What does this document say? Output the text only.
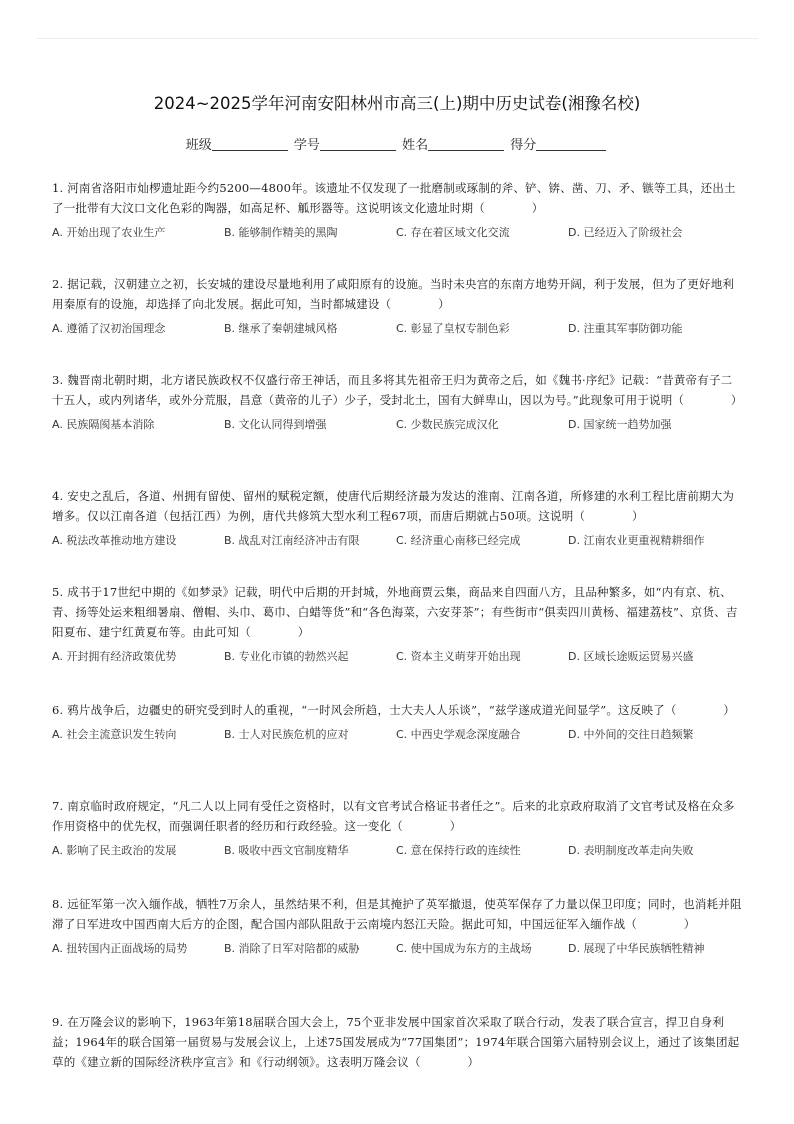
2024~2025学年河南安阳林州市高三(上)期中历史试卷(湘豫名校)
班级	学号	姓名	得分
1. 河南省洛阳市灿椤遗址距今约5200—4800年。该遗址不仅发现了一批磨制或琢制的斧、铲、锛、凿、刀、矛、镞等工具，还出土了一批带有大汶口文化色彩的陶器，如高足杯、觚形器等。这说明该文化遗址时期（　　　　）
A. 开始出现了农业生产	B. 能够制作精美的黑陶	C. 存在着区域文化交流	D. 已经迈入了阶级社会
2. 据记载，汉朝建立之初，长安城的建设尽量地利用了咸阳原有的设施。当时未央宫的东南方地势开阔，利于发展，但为了更好地利用秦原有的设施，却选择了向北发展。据此可知，当时都城建设（　　　　）
A. 遵循了汉初治国理念	B. 继承了秦朝建城风格	C. 彰显了皇权专制色彩	D. 注重其军事防御功能
3. 魏晋南北朝时期，北方诸民族政权不仅盛行帝王神话，而且多将其先祖帝王归为黄帝之后，如《魏书·序纪》记载：“昔黄帝有子二十五人，或内列诸华，或外分荒服，昌意（黄帝的儿子）少子，受封北土，国有大鲜卑山，因以为号。”此现象可用于说明（　　　　）
A. 民族隔阂基本消除	B. 文化认同得到增强	C. 少数民族完成汉化	D. 国家统一趋势加强
4. 安史之乱后，各道、州拥有留使、留州的赋税定额，使唐代后期经济最为发达的淮南、江南各道，所修建的水利工程比唐前期大为增多。仅以江南各道（包括江西）为例，唐代共修筑大型水利工程67项，而唐后期就占50项。这说明（　　　　）
A. 税法改革推动地方建设	B. 战乱对江南经济冲击有限	C. 经济重心南移已经完成	D. 江南农业更重视精耕细作
5. 成书于17世纪中期的《如梦录》记载，明代中后期的开封城，外地商贾云集，商品来自四面八方，且品种繁多，如“内有京、杭、青、扬等处运来粗细暑扇、僧帽、头巾、葛巾、白蜡等货”和“各色海菜，六安芽茶”；有些街市“俱卖四川黄杨、福建荔枝”、京货、吉阳夏布、建宁红黄夏布等。由此可知（　　　　）
A. 开封拥有经济政策优势	B. 专业化市镇的勃然兴起	C. 资本主义萌芽开始出现	D. 区域长途贩运贸易兴盛
6. 鸦片战争后，边疆史的研究受到时人的重视，“一时风会所趋，士大夫人人乐谈”，“兹学遂成道光间显学”。这反映了（　　　　）
A. 社会主流意识发生转向	B. 士人对民族危机的应对	C. 中西史学观念深度融合	D. 中外间的交往日趋频繁
7. 南京临时政府规定，“凡二人以上同有受任之资格时，以有文官考试合格证书者任之”。后来的北京政府取消了文官考试及格在众多作用资格中的优先权，而强调任职者的经历和行政经验。这一变化（　　　　）
A. 影响了民主政治的发展	B. 吸收中西文官制度精华	C. 意在保持行政的连续性	D. 表明制度改革走向失败
8. 远征军第一次入缅作战，牺牲7万余人，虽然结果不利，但是其掩护了英军撤退，使英军保存了力量以保卫印度；同时，也消耗并阻滞了日军进攻中国西南大后方的企图，配合国内部队阻敌于云南境内怒江天险。据此可知，中国远征军入缅作战（　　　　）
A. 扭转国内正面战场的局势	B. 消除了日军对陪都的威胁	C. 使中国成为东方的主战场	D. 展现了中华民族牺牲精神
9. 在万隆会议的影响下，1963年第18届联合国大会上，75个亚非发展中国家首次采取了联合行动，发表了联合宣言，捍卫自身利益；1964年的联合国第一届贸易与发展会议上，上述75国发展成为“77国集团”；1974年联合国第六届特别会议上，通过了该集团起草的《建立新的国际经济秩序宣言》和《行动纲领》。这表明万隆会议（　　　　）
